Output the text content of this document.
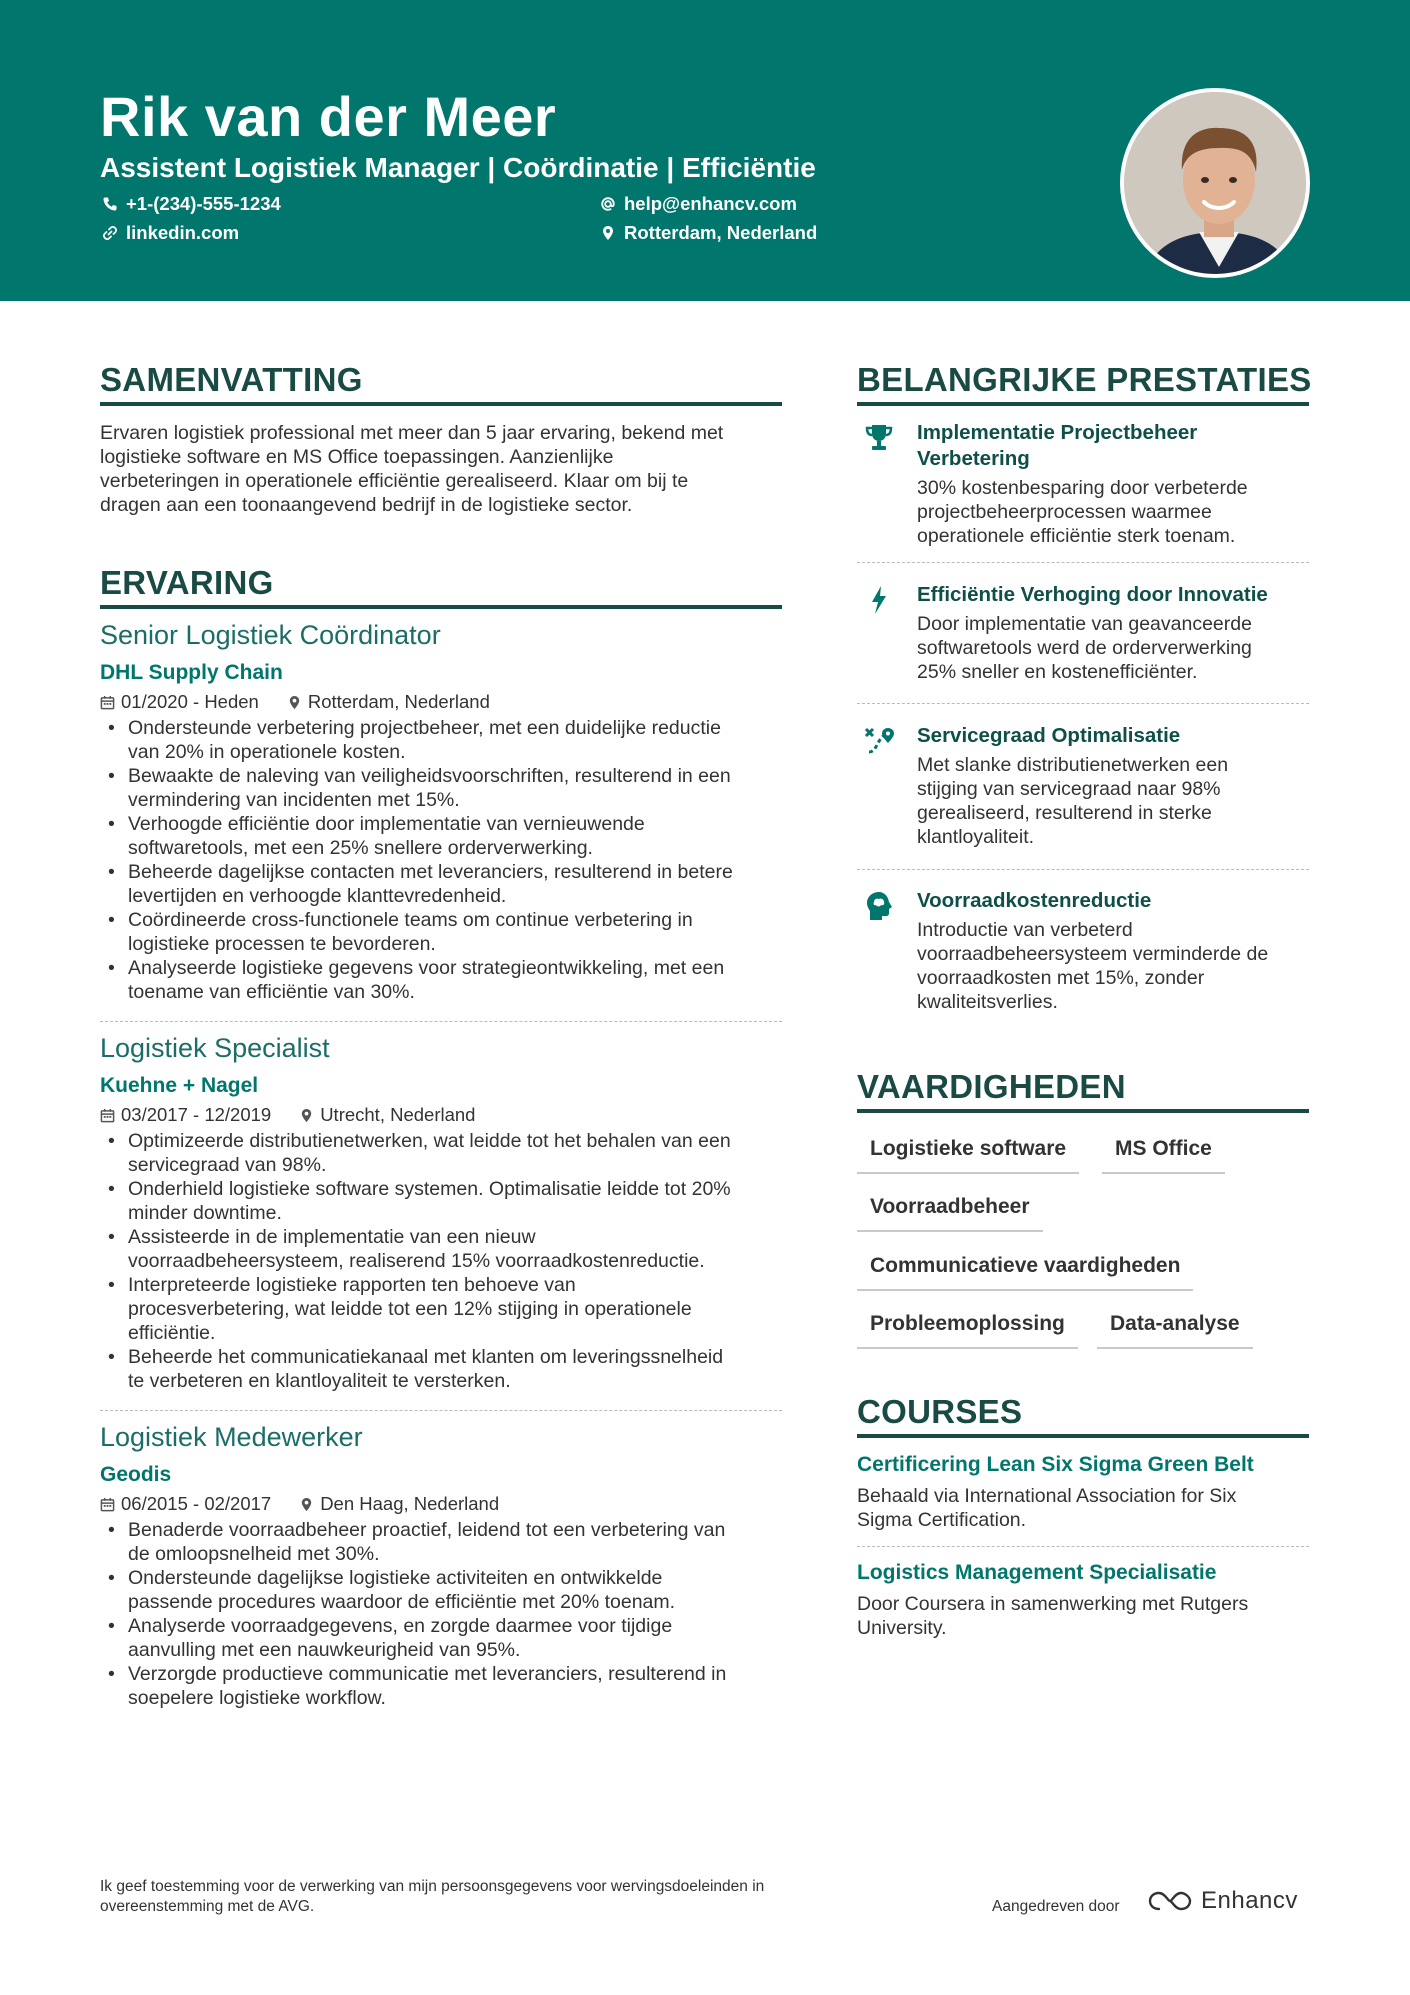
Rik van der Meer
Assistent Logistiek Manager | Coördinatie | Efficiëntie
+1-(234)-555-1234	help@enhancv.com
linkedin.com	Rotterdam, Nederland
SAMENVATTING
Ervaren logistiek professional met meer dan 5 jaar ervaring, bekend met
logistieke software en MS Office toepassingen. Aanzienlijke
verbeteringen in operationele efficiëntie gerealiseerd. Klaar om bij te
dragen aan een toonaangevend bedrijf in de logistieke sector.
ERVARING
Senior Logistiek Coördinator
DHL Supply Chain
01/2020 - Heden	Rotterdam, Nederland
• Ondersteunde verbetering projectbeheer, met een duidelijke reductie
van 20% in operationele kosten.
• Bewaakte de naleving van veiligheidsvoorschriften, resulterend in een
vermindering van incidenten met 15%.
• Verhoogde efficiëntie door implementatie van vernieuwende
softwaretools, met een 25% snellere orderverwerking.
• Beheerde dagelijkse contacten met leveranciers, resulterend in betere
levertijden en verhoogde klanttevredenheid.
• Coördineerde cross-functionele teams om continue verbetering in
logistieke processen te bevorderen.
• Analyseerde logistieke gegevens voor strategieontwikkeling, met een
toename van efficiëntie van 30%.
Logistiek Specialist
Kuehne + Nagel
03/2017 - 12/2019	Utrecht, Nederland
• Optimizeerde distributienetwerken, wat leidde tot het behalen van een
servicegraad van 98%.
• Onderhield logistieke software systemen. Optimalisatie leidde tot 20%
minder downtime.
• Assisteerde in de implementatie van een nieuw
voorraadbeheersysteem, realiserend 15% voorraadkostenreductie.
• Interpreteerde logistieke rapporten ten behoeve van
procesverbetering, wat leidde tot een 12% stijging in operationele
efficiëntie.
• Beheerde het communicatiekanaal met klanten om leveringssnelheid
te verbeteren en klantloyaliteit te versterken.
Logistiek Medewerker
Geodis
06/2015 - 02/2017	Den Haag, Nederland
• Benaderde voorraadbeheer proactief, leidend tot een verbetering van
de omloopsnelheid met 30%.
• Ondersteunde dagelijkse logistieke activiteiten en ontwikkelde
passende procedures waardoor de efficiëntie met 20% toenam.
• Analyserde voorraadgegevens, en zorgde daarmee voor tijdige
aanvulling met een nauwkeurigheid van 95%.
• Verzorgde productieve communicatie met leveranciers, resulterend in
soepelere logistieke workflow.
BELANGRIJKE PRESTATIES
Implementatie Projectbeheer
Verbetering
30% kostenbesparing door verbeterde
projectbeheerprocessen waarmee
operationele efficiëntie sterk toenam.
Efficiëntie Verhoging door Innovatie
Door implementatie van geavanceerde
softwaretools werd de orderverwerking
25% sneller en kostenefficiënter.
Servicegraad Optimalisatie
Met slanke distributienetwerken een
stijging van servicegraad naar 98%
gerealiseerd, resulterend in sterke
klantloyaliteit.
Voorraadkostenreductie
Introductie van verbeterd
voorraadbeheersysteem verminderde de
voorraadkosten met 15%, zonder
kwaliteitsverlies.
VAARDIGHEDEN
Logistieke software	MS Office
Voorraadbeheer
Communicatieve vaardigheden
Probleemoplossing	Data-analyse
COURSES
Certificering Lean Six Sigma Green Belt
Behaald via International Association for Six
Sigma Certification.
Logistics Management Specialisatie
Door Coursera in samenwerking met Rutgers
University.
Ik geef toestemming voor de verwerking van mijn persoonsgegevens voor wervingsdoeleinden in
overeenstemming met de AVG.	Aangedreven door	Enhancv
